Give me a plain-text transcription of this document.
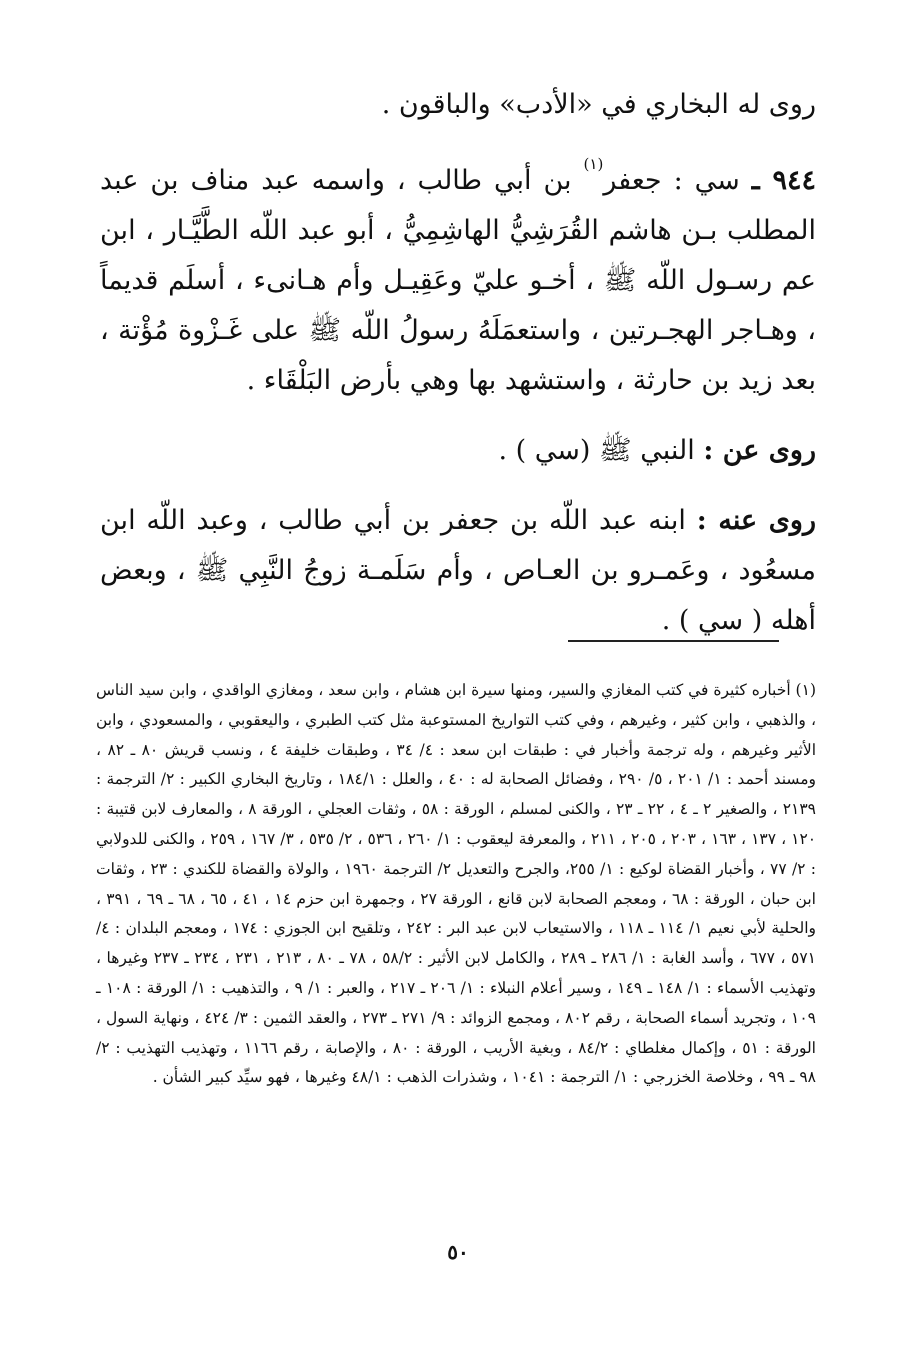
روى له البخاري في «الأدب» والباقون .

٩٤٤ ـ سي : جعفر$^{(١)}$ بن أبي طالب ، واسمه عبد مناف بن عبد المطلب بـن هاشم القُرَشِيُّ الهاشِمِيُّ ، أبو عبد اللّه الطَّيَّـار ، ابن عم رسـول اللّه ﷺ ، أخـو عليّ وعَقِيـل وأم هـانىء ، أسلَم قديماً ، وهـاجر الهجـرتين ، واستعمَلَهُ رسولُ اللّه ﷺ على غَـزْوة مُؤْتة ، بعد زيد بن حارثة ، واستشهد بها وهي بأرض البَلْقَاء .

روى عن : النبي ﷺ (سي ) .

روى عنه : ابنه عبد اللّه بن جعفر بن أبي طالب ، وعبد اللّه ابن مسعُود ، وعَمـرو بن العـاص ، وأم سَلَمـة زوجُ النَّبِي ﷺ ، وبعض أهله ( سي ) .

(١) أخباره كثيرة في كتب المغازي والسير، ومنها سيرة ابن هشام ، وابن سعد ، ومغازي الواقدي ، وابن سيد الناس ، والذهبي ، وابن كثير ، وغيرهم ، وفي كتب التواريخ المستوعبة مثل كتب الطبري ، واليعقوبي ، والمسعودي ، وابن الأثير وغيرهم ، وله ترجمة وأخبار في : طبقات ابن سعد : ٤/ ٣٤ ، وطبقات خليفة ٤ ، ونسب قريش ٨٠ ـ ٨٢ ، ومسند أحمد : ١/ ٢٠١ ، ٥/ ٢٩٠ ، وفضائل الصحابة له : ٤٠ ، والعلل : ١٨٤/١ ، وتاريخ البخاري الكبير : ٢/ الترجمة : ٢١٣٩ ، والصغير ٢ ـ ٤ ، ٢٢ ـ ٢٣ ، والكنى لمسلم ، الورقة : ٥٨ ، وثقات العجلي ، الورقة ٨ ، والمعارف لابن قتيبة : ١٢٠ ، ١٣٧ ، ١٦٣ ، ٢٠٣ ، ٢٠٥ ، ٢١١ ، والمعرفة ليعقوب : ١/ ٢٦٠ ، ٥٣٦ ، ٢/ ٥٣٥ ، ٣/ ١٦٧ ، ٢٥٩ ، والكنى للدولابي : ٢/ ٧٧ ، وأخبار القضاة لوكيع : ١/ ٢٥٥، والجرح والتعديل ٢/ الترجمة ١٩٦٠ ، والولاة والقضاة للكندي : ٢٣ ، وثقات ابن حبان ، الورقة : ٦٨ ، ومعجم الصحابة لابن قانع ، الورقة ٢٧ ، وجمهرة ابن حزم ١٤ ، ٤١ ، ٦٥ ، ٦٨ ـ ٦٩ ، ٣٩١ ، والحلية لأبي نعيم ١/ ١١٤ ـ ١١٨ ، والاستيعاب لابن عبد البر : ٢٤٢ ، وتلقيح ابن الجوزي : ١٧٤ ، ومعجم البلدان : ٤/ ٥٧١ ، ٦٧٧ ، وأسد الغابة : ١/ ٢٨٦ ـ ٢٨٩ ، والكامل لابن الأثير : ٥٨/٢ ، ٧٨ ـ ٨٠ ، ٢١٣ ، ٢٣١ ، ٢٣٤ ـ ٢٣٧ وغيرها ، وتهذيب الأسماء : ١/ ١٤٨ ـ ١٤٩ ، وسير أعلام النبلاء : ١/ ٢٠٦ ـ ٢١٧ ، والعبر : ١/ ٩ ، والتذهيب : ١/ الورقة : ١٠٨ ـ ١٠٩ ، وتجريد أسماء الصحابة ، رقم ٨٠٢ ، ومجمع الزوائد : ٩/ ٢٧١ ـ ٢٧٣ ، والعقد الثمين : ٣/ ٤٢٤ ، ونهاية السول ، الورقة : ٥١ ، وإكمال مغلطاي : ٨٤/٢ ، وبغية الأريب ، الورقة : ٨٠ ، والإصابة ، رقم ١١٦٦ ، وتهذيب التهذيب : ٢/ ٩٨ ـ ٩٩ ، وخلاصة الخزرجي : ١/ الترجمة : ١٠٤١ ، وشذرات الذهب : ٤٨/١ وغيرها ، فهو سيِّد كبير الشأن .

٥٠
